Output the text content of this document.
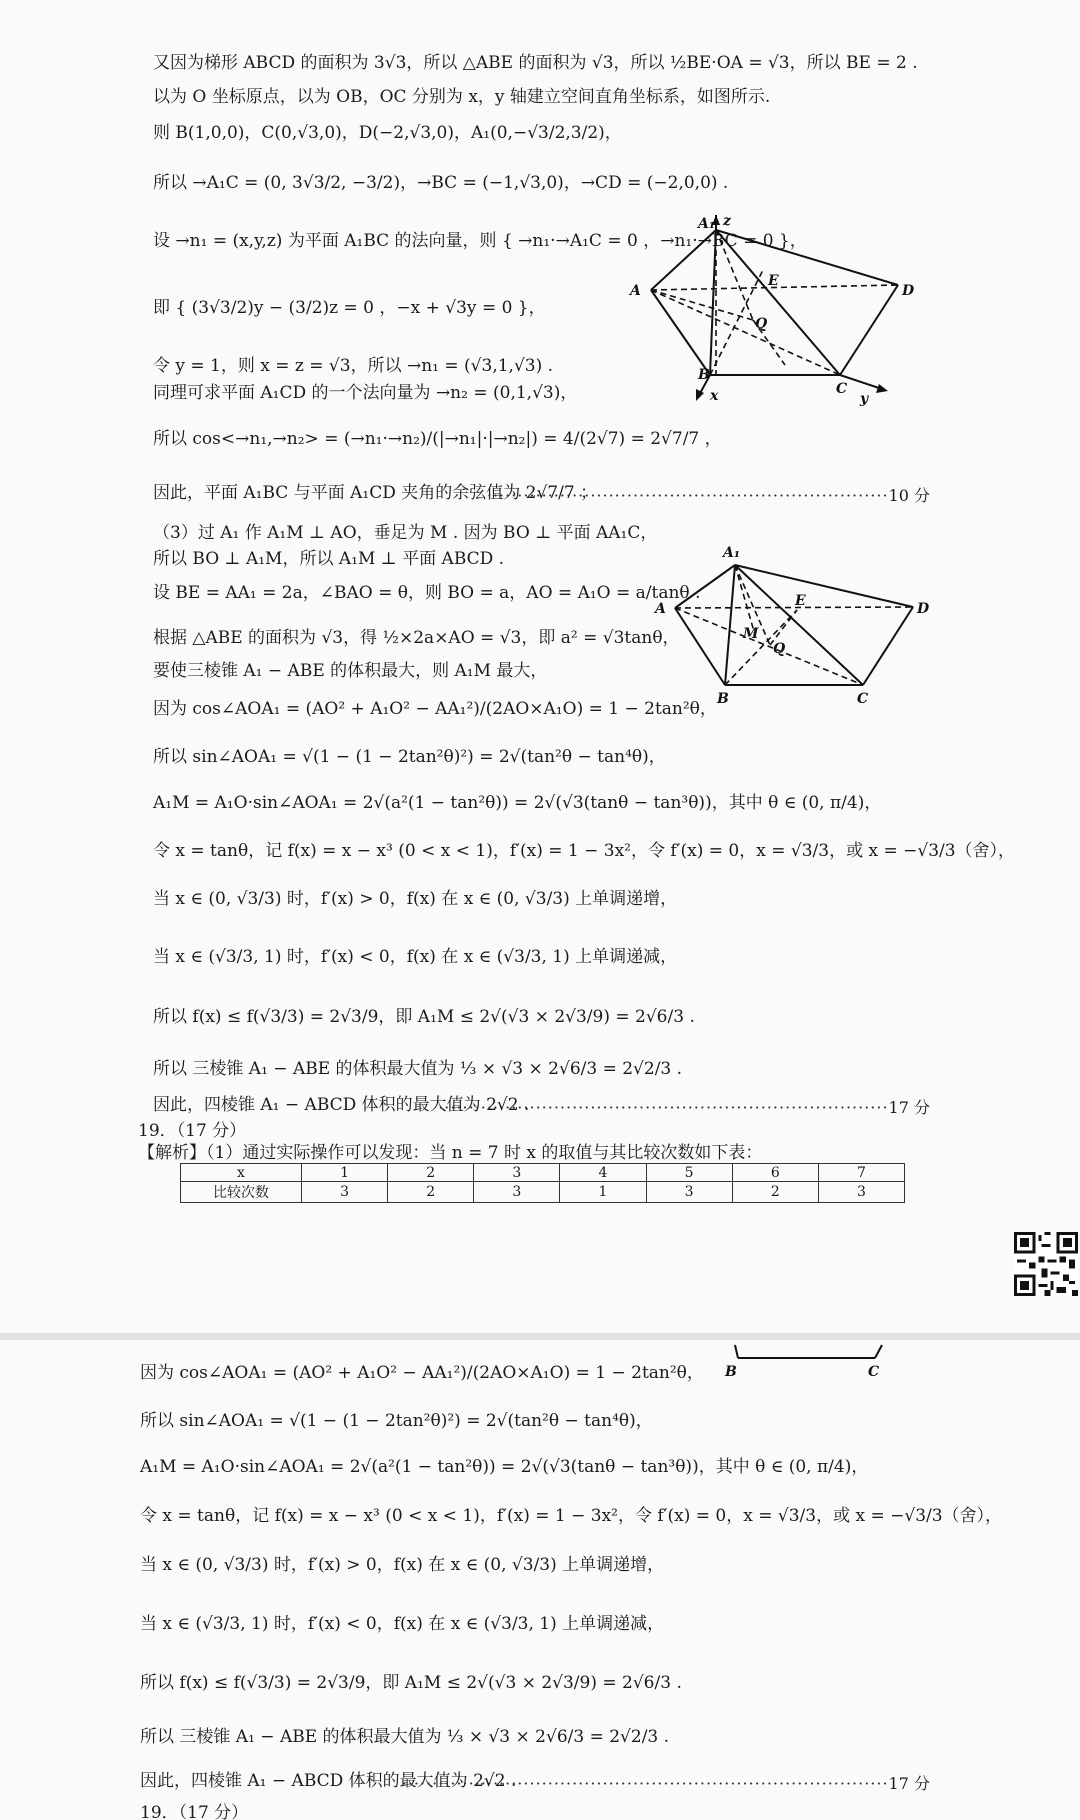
又因为梯形 ABCD 的面积为 3√3，所以 △ABE 的面积为 √3，所以 ½BE·OA = √3，所以 BE = 2 .
以为 O 坐标原点，以为 OB，OC 分别为 x，y 轴建立空间直角坐标系，如图所示.
则 B(1,0,0)，C(0,√3,0)，D(−2,√3,0)，A₁(0,−√3/2,3/2)，
所以 →A₁C = (0, 3√3/2, −3/2)，→BC = (−1,√3,0)，→CD = (−2,0,0) .
设 →n₁ = (x,y,z) 为平面 A₁BC 的法向量，则 { →n₁·→A₁C = 0 ，→n₁·→BC = 0 }，
即 { (3√3/2)y − (3/2)z = 0 ，−x + √3y = 0 }，
令 y = 1，则 x = z = √3，所以 →n₁ = (√3,1,√3) .
同理可求平面 A₁CD 的一个法向量为 →n₂ = (0,1,√3)，
所以 cos<→n₁,→n₂> = (→n₁·→n₂)/(|→n₁|·|→n₂|) = 4/(2√7) = 2√7/7 ，
因此，平面 A₁BC 与平面 A₁CD 夹角的余弦值为 2√7/7 ；
··································································10 分
（3）过 A₁ 作 A₁M ⊥ AO，垂足为 M . 因为 BO ⊥ 平面 AA₁C，
所以 BO ⊥ A₁M，所以 A₁M ⊥ 平面 ABCD .
设 BE = AA₁ = 2a，∠BAO = θ，则 BO = a，AO = A₁O = a/tanθ .
根据 △ABE 的面积为 √3，得 ½×2a×AO = √3，即 a² = √3tanθ，
要使三棱锥 A₁ − ABE 的体积最大，则 A₁M 最大，
因为 cos∠AOA₁ = (AO² + A₁O² − AA₁²)/(2AO×A₁O) = 1 − 2tan²θ，
所以 sin∠AOA₁ = √(1 − (1 − 2tan²θ)²) = 2√(tan²θ − tan⁴θ)，
A₁M = A₁O·sin∠AOA₁ = 2√(a²(1 − tan²θ)) = 2√(√3(tanθ − tan³θ))，其中 θ ∈ (0, π/4)，
令 x = tanθ，记 f(x) = x − x³ (0 < x < 1)，f′(x) = 1 − 3x²，令 f′(x) = 0，x = √3/3，或 x = −√3/3（舍），
当 x ∈ (0, √3/3) 时，f′(x) > 0，f(x) 在 x ∈ (0, √3/3) 上单调递增，
当 x ∈ (√3/3, 1) 时，f′(x) < 0，f(x) 在 x ∈ (√3/3, 1) 上单调递减，
所以 f(x) ≤ f(√3/3) = 2√3/9，即 A₁M ≤ 2√(√3 × 2√3/9) = 2√6/3 .
所以 三棱锥 A₁ − ABE 的体积最大值为 ⅓ × √3 × 2√6/3 = 2√2/3 .
因此，四棱锥 A₁ − ABCD 体积的最大值为 2√2 .
··········································································17 分
19．（17 分）
【解析】（1）通过实际操作可以发现：当 n = 7 时 x 的取值与其比较次数如下表：
x	1	2	3	4	5	6	7
比较次数	3	2	3	1	3	2	3
A₁ z
A
E
D
Q
B
C
x	y
A₁
A	E	D
M
Q
B	C
B	C
因为 cos∠AOA₁ = (AO² + A₁O² − AA₁²)/(2AO×A₁O) = 1 − 2tan²θ，
所以 sin∠AOA₁ = √(1 − (1 − 2tan²θ)²) = 2√(tan²θ − tan⁴θ)，
A₁M = A₁O·sin∠AOA₁ = 2√(a²(1 − tan²θ)) = 2√(√3(tanθ − tan³θ))，其中 θ ∈ (0, π/4)，
令 x = tanθ，记 f(x) = x − x³ (0 < x < 1)，f′(x) = 1 − 3x²，令 f′(x) = 0，x = √3/3，或 x = −√3/3（舍），
当 x ∈ (0, √3/3) 时，f′(x) > 0，f(x) 在 x ∈ (0, √3/3) 上单调递增，
当 x ∈ (√3/3, 1) 时，f′(x) < 0，f(x) 在 x ∈ (√3/3, 1) 上单调递减，
所以 f(x) ≤ f(√3/3) = 2√3/9，即 A₁M ≤ 2√(√3 × 2√3/9) = 2√6/3 .
所以 三棱锥 A₁ − ABE 的体积最大值为 ⅓ × √3 × 2√6/3 = 2√2/3 .
因此，四棱锥 A₁ − ABCD 体积的最大值为 2√2 .
················································································17 分
19．（17 分）
